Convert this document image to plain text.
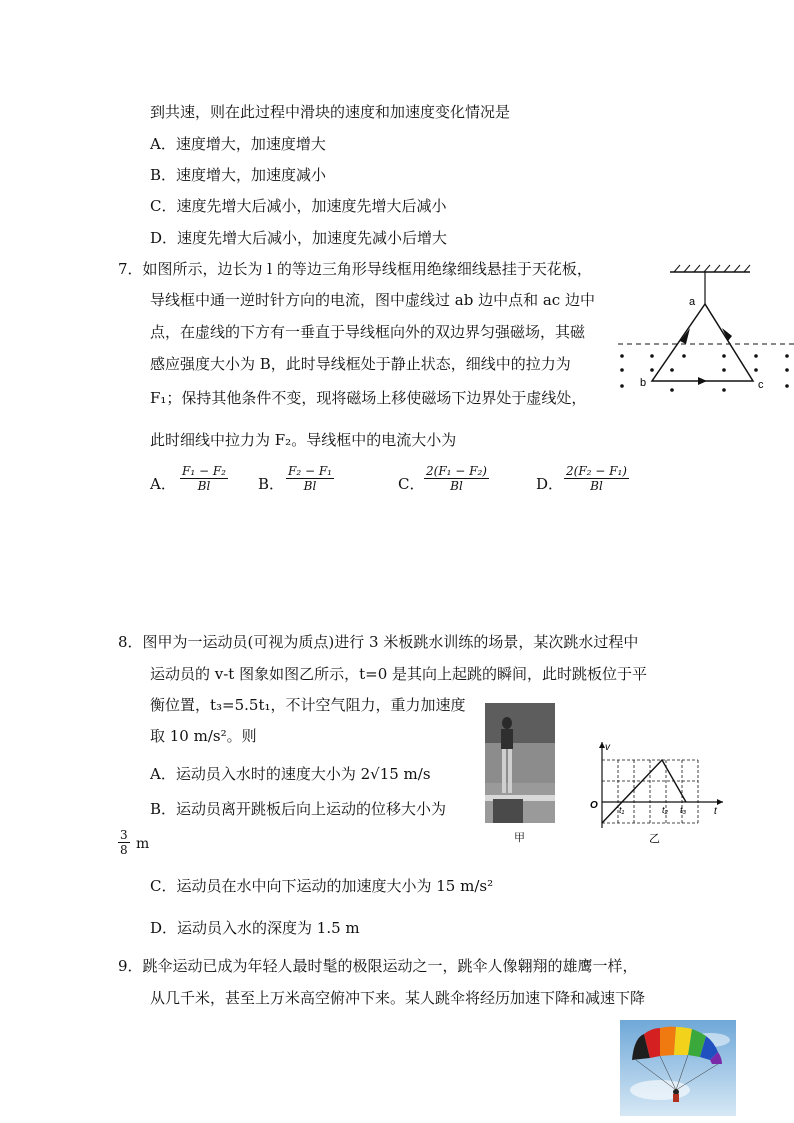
到共速，则在此过程中滑块的速度和加速度变化情况是
A．速度增大，加速度增大
B．速度增大，加速度减小
C．速度先增大后减小，加速度先增大后减小
D．速度先增大后减小，加速度先减小后增大
7．如图所示，边长为 l 的等边三角形导线框用绝缘细线悬挂于天花板，
导线框中通一逆时针方向的电流，图中虚线过 ab 边中点和 ac 边中
点，在虚线的下方有一垂直于导线框向外的双边界匀强磁场，其磁
感应强度大小为 B，此时导线框处于静止状态，细线中的拉力为
F₁；保持其他条件不变，现将磁场上移使磁场下边界处于虚线处，
此时细线中拉力为 F₂。导线框中的电流大小为
A． $\frac{\text{F₁ − F₂}}{Bl}$ B． $\frac{\text{F₂ − F₁}}{Bl}$	C． $\frac{\text{2(F₁ − F₂)}}{Bl}$	D． $\frac{\text{2(F₂ − F₁)}}{Bl}$
a
b	c
8．图甲为一运动员(可视为质点)进行 3 米板跳水训练的场景，某次跳水过程中
运动员的 v-t 图象如图乙所示，t=0 是其向上起跳的瞬间，此时跳板位于平
衡位置，t₃=5.5t₁，不计空气阻力，重力加速度
取 10 m/s²。则
A．运动员入水时的速度大小为 2√15 m/s
B．运动员离开跳板后向上运动的位移大小为
$\frac{3}{8}$ m
C．运动员在水中向下运动的加速度大小为 15 m/s²
D．运动员入水的深度为 1.5 m
甲
v
t
O t₁	t₂ t₃
乙
9．跳伞运动已成为年轻人最时髦的极限运动之一，跳伞人像翱翔的雄鹰一样，
从几千米，甚至上万米高空俯冲下来。某人跳伞将经历加速下降和减速下降
